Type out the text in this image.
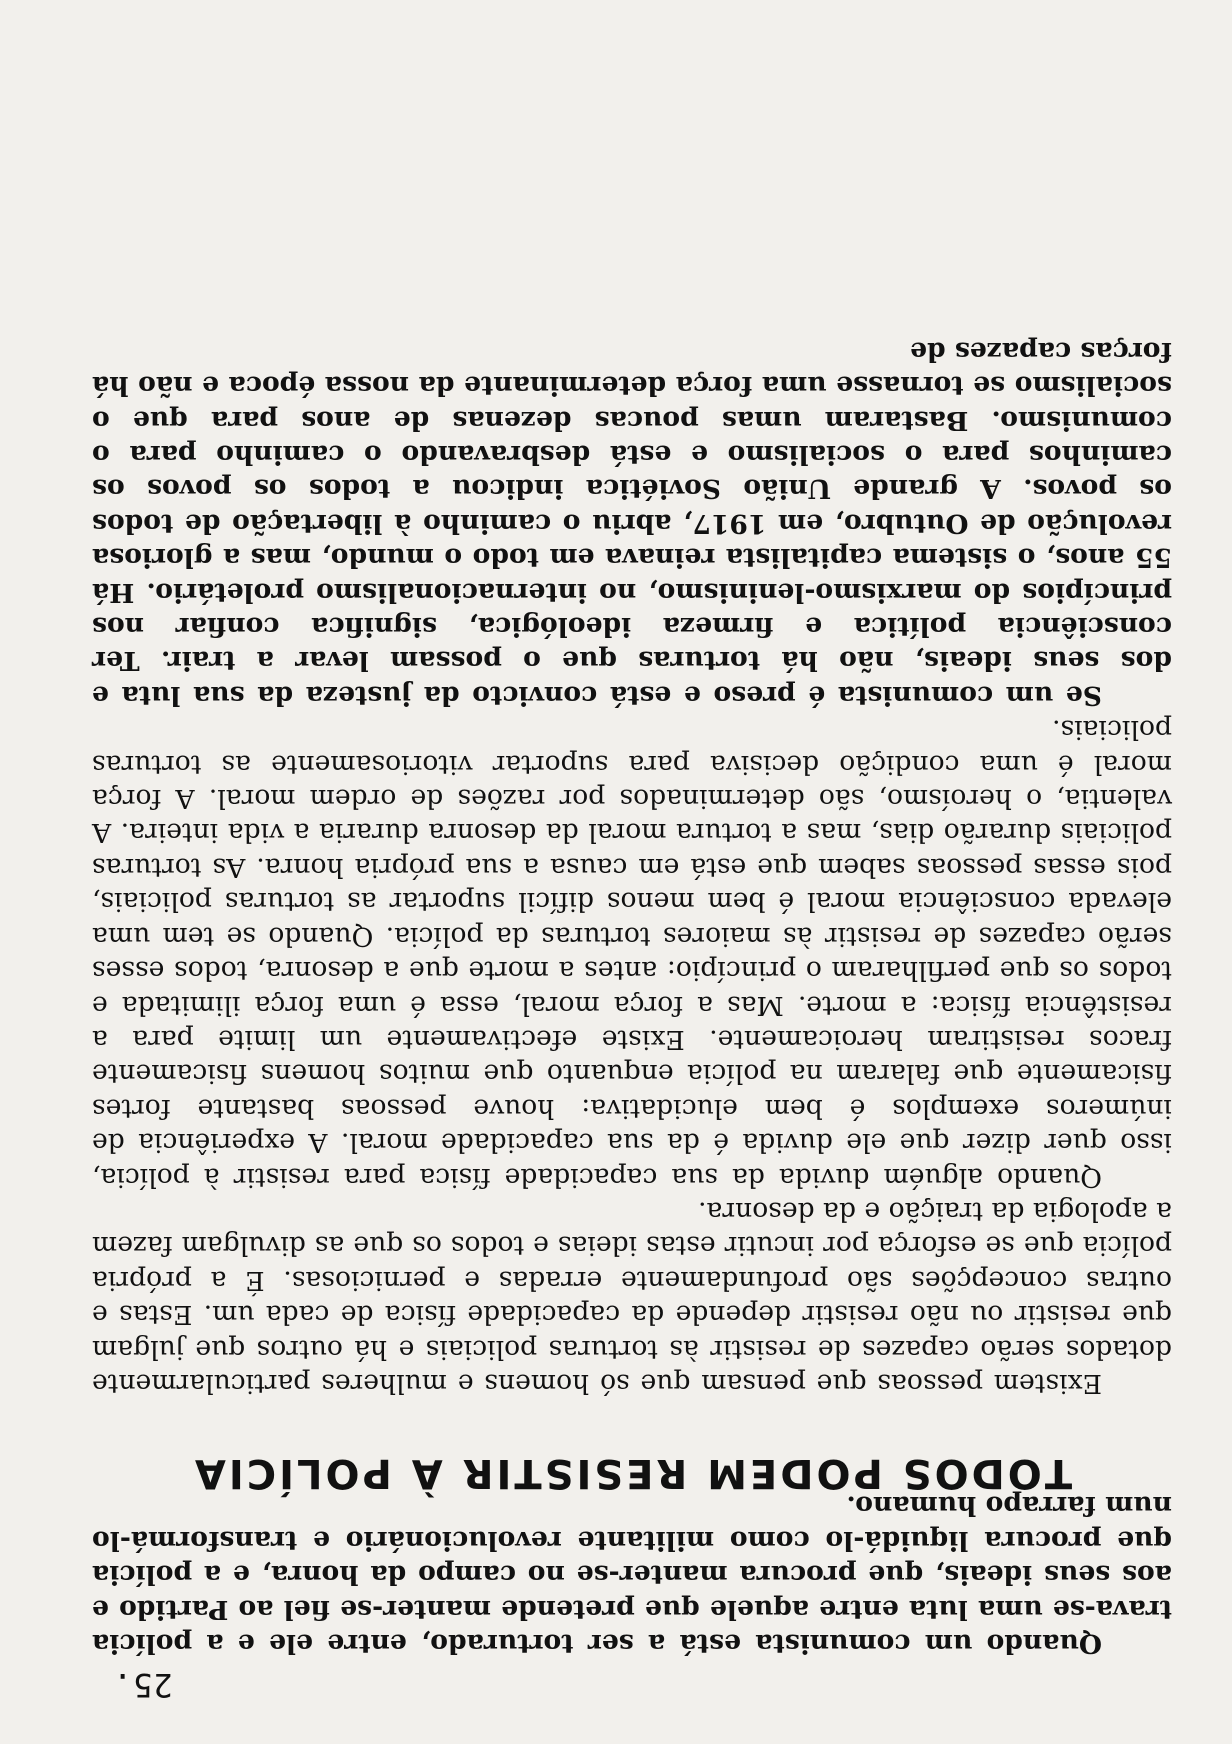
25.

Quando um comunista está a ser torturado, entre ele e a polícia trava-se uma luta entre aquele que pretende manter-se fiel ao Partido e aos seus ideais, que procura manter-se no campo da honra, e a polícia que procura liquidá-lo como militante revolucionário e transformá-lo num farrapo humano.

TODOS PODEM RESISTIR À POLÍCIA

Existem pessoas que pensam que só homens e mulheres particularmente dotados serão capazes de resistir às torturas policiais e há outros que julgam que resistir ou não resistir depende da capacidade física de cada um. Estas e outras concepções são profundamente erradas e perniciosas. É a própria polícia que se esforça por incutir estas ideias e todos os que as divulgam fazem a apologia da traição e da desonra.

Quando alguém duvida da sua capacidade física para resistir à polícia, isso quer dizer que ele duvida é da sua capacidade moral. A experiência de inúmeros exemplos é bem elucidativa: houve pessoas bastante fortes fisicamente que falaram na polícia enquanto que muitos homens fisicamente fracos resistiram heroicamente. Existe efectivamente um limite para a resistência física: a morte. Mas a força moral, essa é uma força ilimitada e todos os que perfilharam o princípio: antes a morte que a desonra, todos esses serão capazes de resistir às maiores torturas da polícia. Quando se tem uma elevada consciência moral é bem menos difícil suportar as torturas policiais, pois essas pessoas sabem que está em causa a sua própria honra. As torturas policiais durarão dias, mas a tortura moral da desonra duraria a vida inteira. A valentia, o heroísmo, são determinados por razões de ordem moral. A força moral é uma condição decisiva para suportar vitoriosamente as torturas policiais.

Se um comunista é preso e está convicto da justeza da sua luta e dos seus ideais, não há torturas que o possam levar a trair. Ter consciência política e firmeza ideológica, significa confiar nos princípios do marxismo-leninismo, no internacionalismo proletário. Há 55 anos, o sistema capitalista reinava em todo o mundo, mas a gloriosa revolução de Outubro, em 1917, abriu o caminho à libertação de todos os povos. A grande União Soviética indicou a todos os povos os caminhos para o socialismo e está desbravando o caminho para o comunismo. Bastaram umas poucas dezenas de anos para que o socialismo se tornasse uma força determinante da nossa época e não há forças capazes de
